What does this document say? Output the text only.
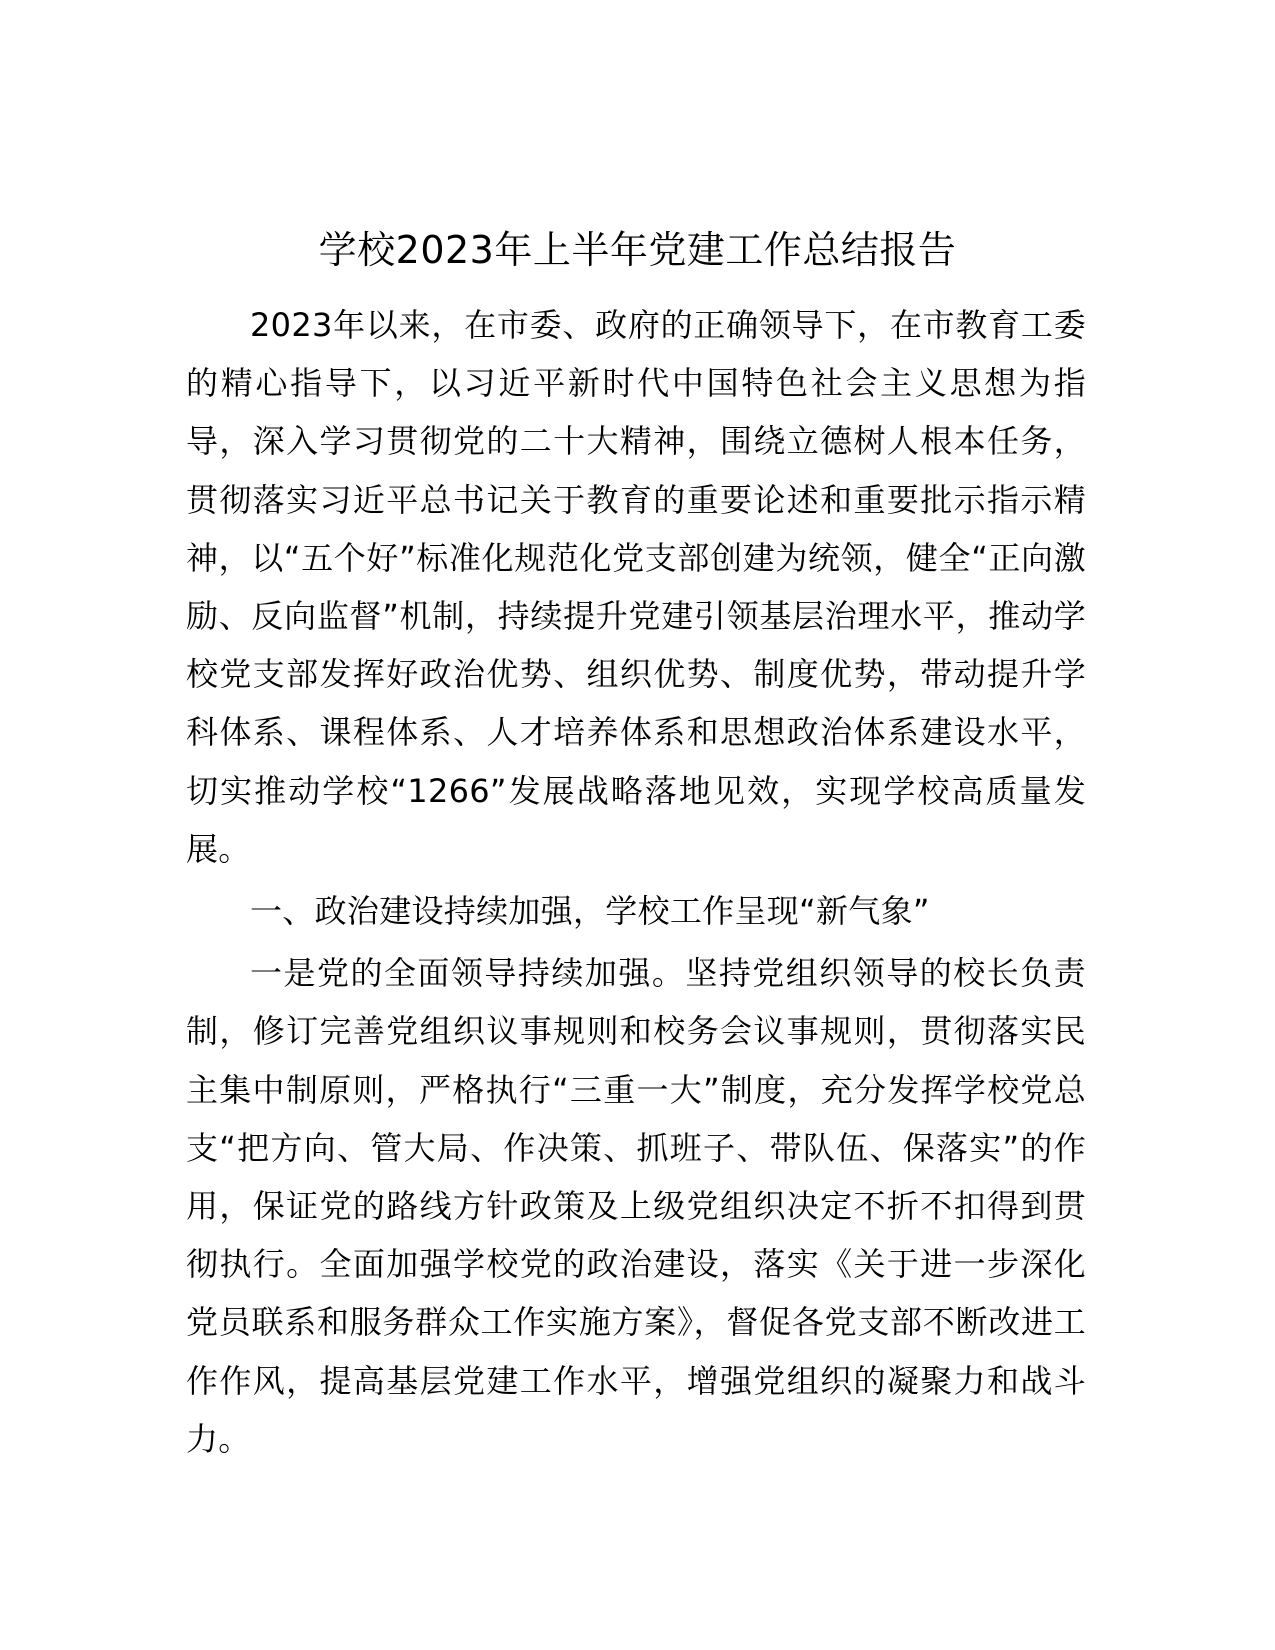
学校2023年上半年党建工作总结报告

2023年以来，在市委、政府的正确领导下，在市教育工委的精心指导下，以习近平新时代中国特色社会主义思想为指导，深入学习贯彻党的二十大精神，围绕立德树人根本任务，贯彻落实习近平总书记关于教育的重要论述和重要批示指示精神，以“五个好”标准化规范化党支部创建为统领，健全“正向激励、反向监督”机制，持续提升党建引领基层治理水平，推动学校党支部发挥好政治优势、组织优势、制度优势，带动提升学科体系、课程体系、人才培养体系和思想政治体系建设水平，切实推动学校“1266”发展战略落地见效，实现学校高质量发展。

一、政治建设持续加强，学校工作呈现“新气象”

一是党的全面领导持续加强。坚持党组织领导的校长负责制，修订完善党组织议事规则和校务会议事规则，贯彻落实民主集中制原则，严格执行“三重一大”制度，充分发挥学校党总支“把方向、管大局、作决策、抓班子、带队伍、保落实”的作用，保证党的路线方针政策及上级党组织决定不折不扣得到贯彻执行。全面加强学校党的政治建设，落实《关于进一步深化党员联系和服务群众工作实施方案》，督促各党支部不断改进工作作风，提高基层党建工作水平，增强党组织的凝聚力和战斗力。
